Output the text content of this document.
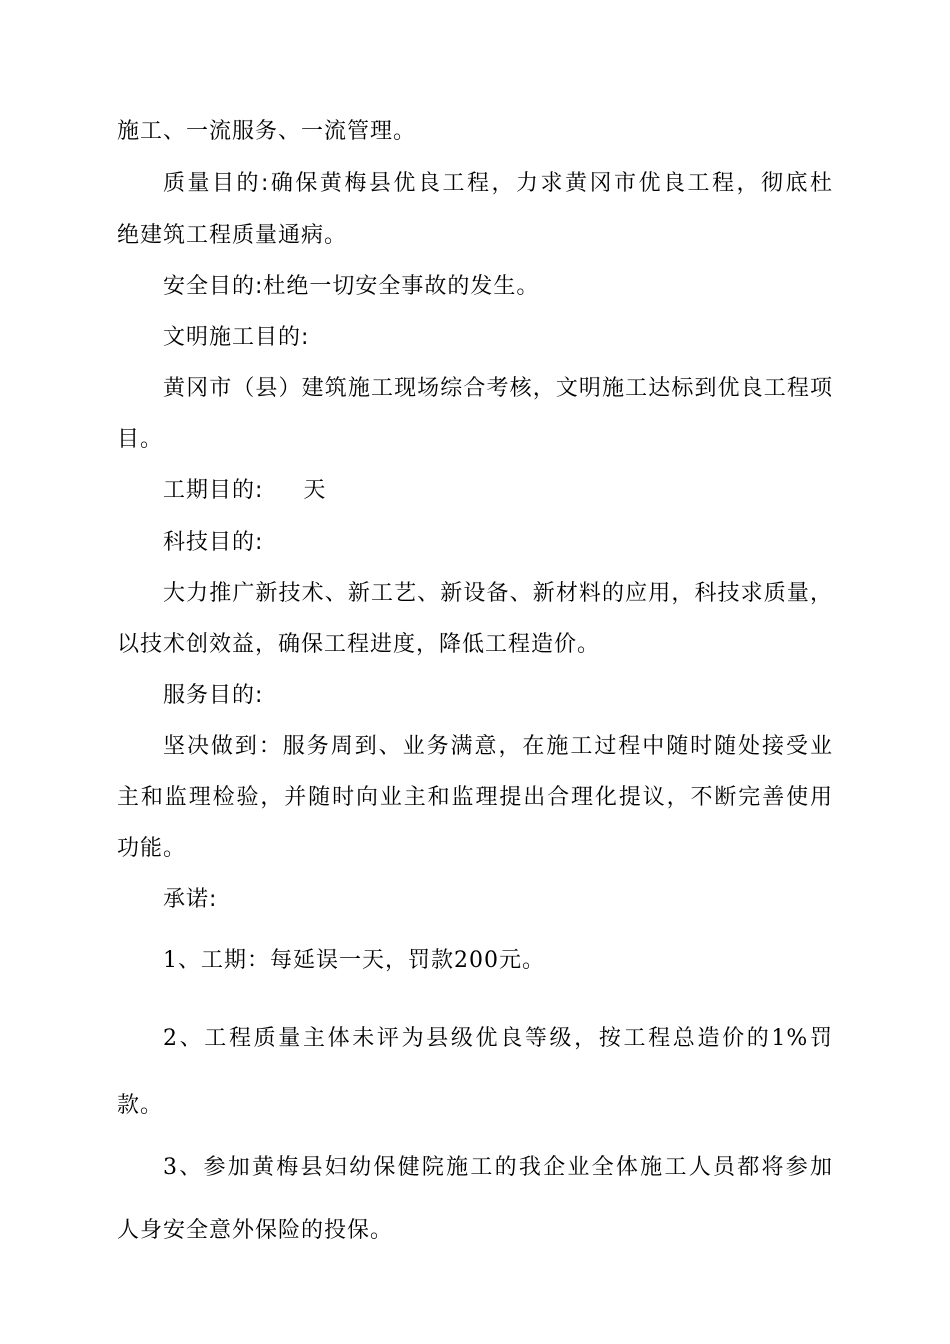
施工、一流服务、一流管理。
质量目的:确保黄梅县优良工程，力求黄冈市优良工程，彻底杜
绝建筑工程质量通病。
安全目的:杜绝一切安全事故的发生。
文明施工目的:
黄冈市（县）建筑施工现场综合考核，文明施工达标到优良工程项
目。
工期目的: 天
科技目的:
大力推广新技术、新工艺、新设备、新材料的应用，科技求质量，
以技术创效益，确保工程进度，降低工程造价。
服务目的:
坚决做到：服务周到、业务满意，在施工过程中随时随处接受业
主和监理检验，并随时向业主和监理提出合理化提议，不断完善使用
功能。
承诺:
1、工期：每延误一天，罚款200元。
2、工程质量主体未评为县级优良等级，按工程总造价的1%罚
款。
3、参加黄梅县妇幼保健院施工的我企业全体施工人员都将参加
人身安全意外保险的投保。
